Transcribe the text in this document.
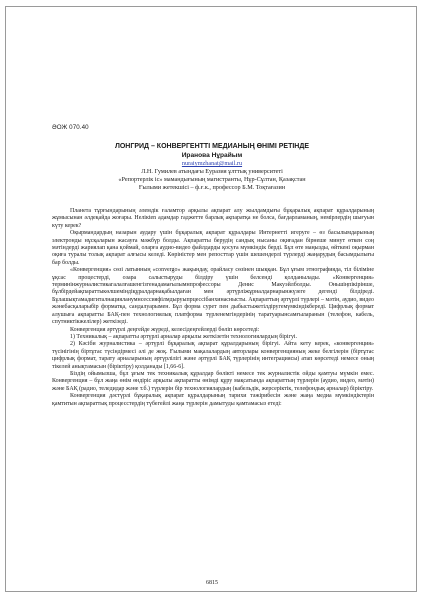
ӘОЖ 070.40
ЛОНГРИД – КОНВЕРГЕНТТІ МЕДИАНЫҢ ӨНІМІ РЕТІНДЕ
Иранова Нұрайым
nuraiymzhanat@mail.ru
Л.Н. Гумилев атындағы Еуразия ұлттық университеті
«Репортерлік іс» мамандығының магистранты, Нұр-Сұлтан, Қазақстан
Ғылыми жетекшісі – ф.ғ.к., профессор Б.М. Тоқтағазин

Планета тұрғындарының әлемдік ғаламтор арқылы ақпарат алу жылдамдығы бұқаралық ақпарат құралдарының жұмысынан әлдеқайда жоғары. Нелікten адамдар гаджетте барлық ақпаратқа не болса, бағдарламаның, немірлердің шығуын күту керек?

Оқырмандардың назарын аудару үшін бұқаралық ақпарат құралдары Интернетті игеруге – өз басылымдарының электронды нұсқаларын жасауға мәжбүр болды. Ақпаратты берудің сандық нысаны оқиғадан бірнеше минут өткен соң мәтіндерді жариялап қана қоймай, оларға аудио-видео файлдарды қосуға мүмкіндік берді. Бұл өте маңызды, өйткені оқырман оқиға туралы толық ақпарат алғысы келеді. Көріністер мен репосттар үшін шешендерлі түрлерді жаңарудың басымдылығы бар болды.

«Конвергенция» сөзі латынның «convergo» жақындау, орайласу сөзінен шыққан. Бұл ұғым этнографияда, тіл біліміне ұқсас процестерді, озара салыстыруды білдіру үшін белсенді қолданылады. «Конвергенция» терминінжурналистикагалалғашенгізгенадамағылымнпрофессоры Денис Макуэйлболды. Оньшіңпікірінше, бұлбірдейақпараттыкөлшеміндіқұралдарнақабылдаған мен әртүрліжұрналдарнарынжүзеге дегенді білдіреді. Бұлашықтамадигиталнацияланумнсессияфілмдыруыпрцессібанхинаснысты. Ақпараттың әртүрлі түрлері – мәтін, аудио, видео жәнебасқаларыбір форматқа, сандалуарымен. Бұл форма сурет пен дыбыстыжетілдіругемүмкіндікбереді. Цифрлық формат алушыға ақпаратты БАҚ-пен технологиялық платформа түрленемгіндерінің таратуарынсамғыларанын (телефон, кабель, спутниктікжелілер) жеткізеді.

Конвергенция әртүрлі деңгейде жүреді, келесідеңгейлерді бөліп көрсетеді:

1) Техникалық – ақпаратты әртүрлі арналар арқылы жеткізетін технологиялардың бірігуі.

2) Кәсіби журналистика – әртүрлі бұқаралық ақпарат құралдарының бірігуі. Айта кету керек, «конвергенция» түсінігінің біртұтас түсіндірмесі әлі де жоқ. Ғылыми мақалалардың авторлары конвергенцияның жеке белгілерін (біртұтас цифрлық формат, тарату арналарының әртүрлілігі және әртүрлі БАҚ түрлерінің интеграциясы) атап көрсетеді немесе оның тікелей анықтамасын (біріктіру) қолданады [1,66-6].

Біздің ойымызша, бұл ұғым тек техникалық құралдар бөлікті немесе тек журналистік ойды қамтуы мүмкін емес. Конвергенция – бұл жаңа өнім өндіріс арқылы ақпаратты өнімді құру мақсатында ақпараттың түрлерін (аудио, видео, мәтін) және БАҚ (радио, теледидар және т.б.) түрлерін бір технологиялардың (кабельдік, жерсеріктік, телефондық арналар) біріктіру.

Конвергенция дәстүрлі бұқаралық ақпарат құралдарының тарихи тәжірибесін және жаңа медиа мүмкіндіктерін қамтитын ақпараттық процесстердің түбегейлі жаңа түрлерін дамытуды қамтамасыз етеді:

6815
